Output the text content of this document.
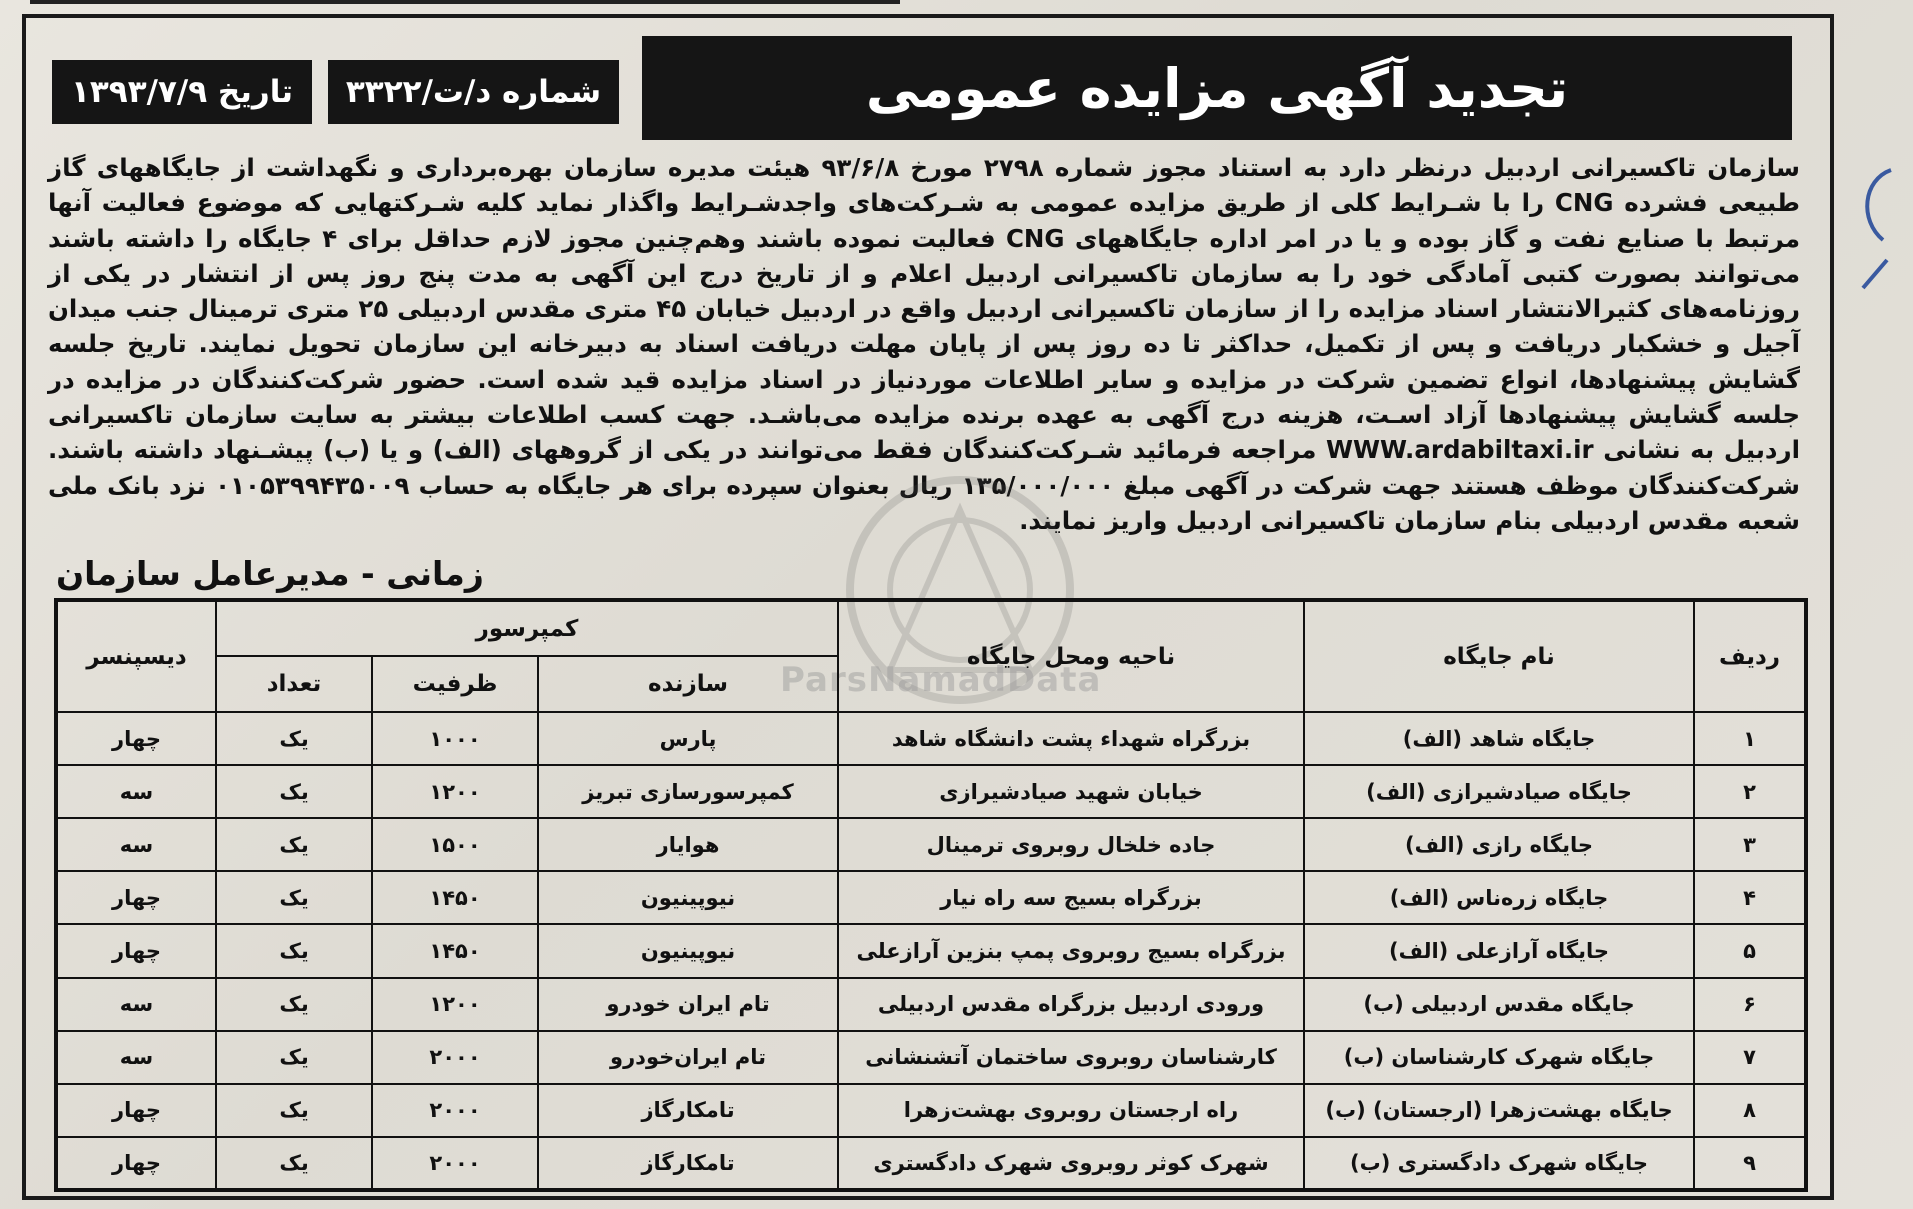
تجدید آگهی مزایده عمومی
شماره د/ت/۳۳۲۲
تاریخ ۱۳۹۳/۷/۹
سازمان تاکسیرانی اردبیل درنظر دارد به استناد مجوز شماره ۲۷۹۸ مورخ ۹۳/۶/۸ هیئت مدیره سازمان بهره‌برداری و نگهداشت از جایگاههای گاز طبیعی فشرده CNG را با شـرایط کلی از طریق مزایده عمومی به شـرکت‌های واجدشـرایط واگذار نماید کلیه شـرکتهایی که موضوع فعالیت آنها مرتبط با صنایع نفت و گاز بوده و یا در امر اداره جایگاههای CNG فعالیت نموده باشند وهم‌چنین مجوز لازم حداقل برای ۴ جایگاه را داشته باشند می‌توانند بصورت کتبی آمادگی خود را به سازمان تاکسیرانی اردبیل اعلام و از تاریخ درج این آگهی به مدت پنج روز پس از انتشار در یکی از روزنامه‌های کثیرالانتشار اسناد مزایده را از سازمان تاکسیرانی اردبیل واقع در اردبیل خیابان ۴۵ متری مقدس اردبیلی ۲۵ متری ترمینال جنب میدان آجیل و خشکبار دریافت و پس از تکمیل، حداکثر تا ده روز پس از پایان مهلت دریافت اسناد به دبیرخانه این سازمان تحویل نمایند. تاریخ جلسه گشایش پیشنهادها، انواع تضمین شرکت در مزایده و سایر اطلاعات موردنیاز در اسناد مزایده قید شده است. حضور شرکت‌کنندگان در مزایده در جلسه گشایش پیشنهادها آزاد اسـت، هزینه درج آگهی به عهده برنده مزایده می‌باشـد. جهت کسب اطلاعات بیشتر به سایت سازمان تاکسیرانی اردبیل به نشانی WWW.ardabiltaxi.ir مراجعه فرمائید شـرکت‌کنندگان فقط می‌توانند در یکی از گروههای (الف) و یا (ب) پیشـنهاد داشته باشند. شرکت‌کنندگان موظف هستند جهت شرکت در آگهی مبلغ ۱۳۵/۰۰۰/۰۰۰ ریال بعنوان سپرده برای هر جایگاه به حساب ۰۱۰۵۳۹۹۴۳۵۰۰۹ نزد بانک ملی شعبه مقدس اردبیلی بنام سازمان تاکسیرانی اردبیل واریز نمایند.
زمانی - مدیرعامل سازمان
ParsNamadData
ردیف	نام جایگاه	ناحیه ومحل جایگاه	کمپرسور			دیسپنسر
			سازنده	ظرفیت	تعداد	
۱	جایگاه شاهد (الف)	بزرگراه شهداء پشت دانشگاه شاهد	پارس	۱۰۰۰	یک	چهار
۲	جایگاه صیادشیرازی (الف)	خیابان شهید صیادشیرازی	کمپرسورسازی تبریز	۱۲۰۰	یک	سه
۳	جایگاه رازی (الف)	جاده خلخال روبروی ترمینال	هوایار	۱۵۰۰	یک	سه
۴	جایگاه زره‌ناس (الف)	بزرگراه بسیج سه راه نیار	نیوپینیون	۱۴۵۰	یک	چهار
۵	جایگاه آرازعلی (الف)	بزرگراه بسیج روبروی پمپ بنزین آرازعلی	نیوپینیون	۱۴۵۰	یک	چهار
۶	جایگاه مقدس اردبیلی (ب)	ورودی اردبیل بزرگراه مقدس اردبیلی	تام ایران خودرو	۱۲۰۰	یک	سه
۷	جایگاه شهرک کارشناسان (ب)	کارشناسان روبروی ساختمان آتشنشانی	تام ایران‌خودرو	۲۰۰۰	یک	سه
۸	جایگاه بهشت‌زهرا (ارجستان) (ب)	راه ارجستان روبروی بهشت‌زهرا	تامکارگاز	۲۰۰۰	یک	چهار
۹	جایگاه شهرک دادگستری (ب)	شهرک کوثر روبروی شهرک دادگستری	تامکارگاز	۲۰۰۰	یک	چهار
